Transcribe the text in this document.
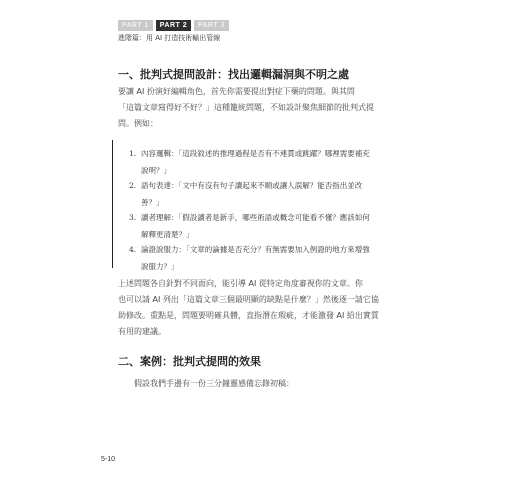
PART 1	PART 2	PART 3
進階篇：用 AI 打造技術輸出管線
一、批判式提問設計：找出邏輯漏洞與不明之處
要讓 AI 扮演好編輯角色，首先你需要提出對症下藥的問題。與其問
「這篇文章寫得好不好？」這種籠統問題，不如設計聚焦細節的批判式提
問。例如：
1. 內容邏輯：「這段敘述的推理過程是否有不連貫或跳躍？哪裡需要補充
說明？」
2. 語句表達：「文中有沒有句子讀起來不順或讓人誤解？能否指出並改
善？」
3. 讀者理解：「假設讀者是新手，哪些術語或概念可能看不懂？應該如何
解釋更清楚？」
4. 論證說服力：「文章的論據是否充分？有無需要加入例證的地方來增強
說服力？」
上述問題各自針對不同面向，能引導 AI 從特定角度審視你的文章。你
也可以請 AI 列出「這篇文章三個最明顯的缺點是什麼？」然後逐一請它協
助修改。重點是，問題要明確具體，直指潛在瑕疵，才能激發 AI 給出實質
有用的建議。
二、案例：批判式提問的效果
假設我們手邊有一份三分鐘靈感備忘錄初稿：
5-10
